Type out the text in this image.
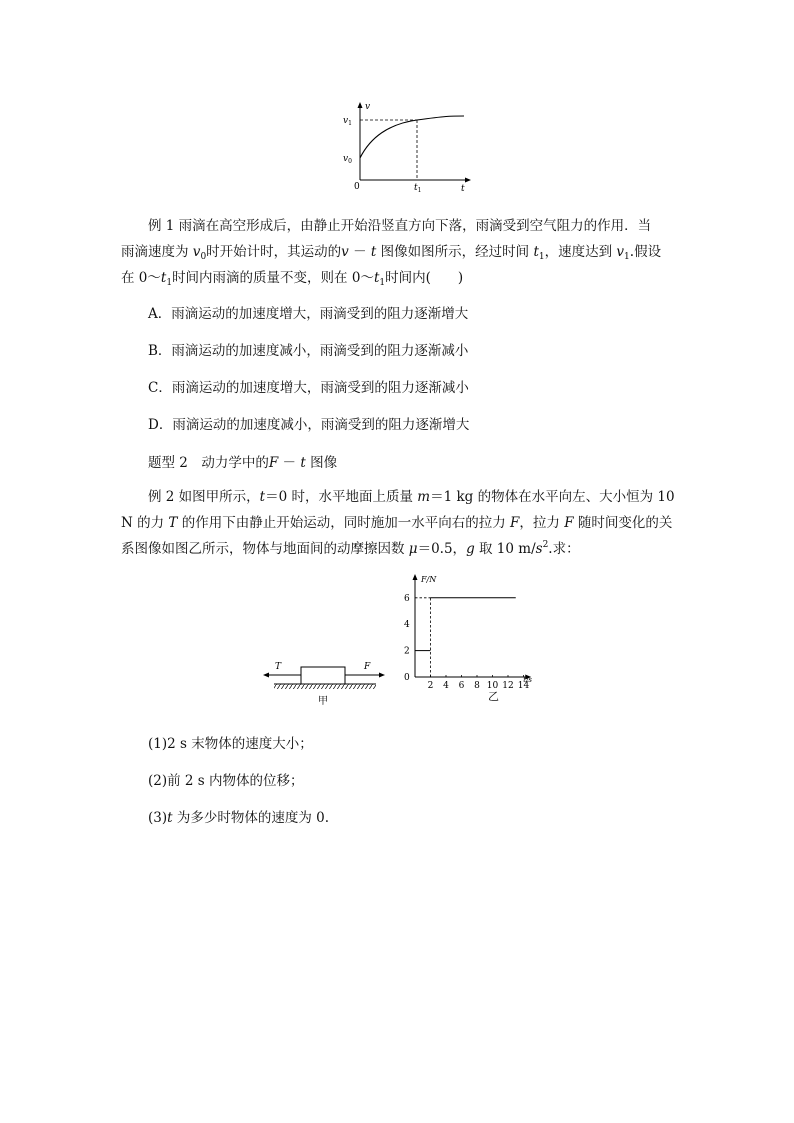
v
$v_1$
$v_0$
0	$t_1$	t
例 1 雨滴在高空形成后，由静止开始沿竖直方向下落，雨滴受到空气阻力的作用．当
雨滴速度为 $v_0$时开始计时，其运动的v － t 图像如图所示，经过时间 $t_1$，速度达到 $v_1$.假设
在 $0\sim t_1$时间内雨滴的质量不变，则在 $0\sim t_1$时间内(　　)
A．雨滴运动的加速度增大，雨滴受到的阻力逐渐增大
B．雨滴运动的加速度减小，雨滴受到的阻力逐渐减小
C．雨滴运动的加速度增大，雨滴受到的阻力逐渐减小
D．雨滴运动的加速度减小，雨滴受到的阻力逐渐增大
题型 2　动力学中的F － t 图像
例 2 如图甲所示，t＝0 时，水平地面上质量 m＝1 kg 的物体在水平向左、大小恒为 10
N 的力 T 的作用下由静止开始运动，同时施加一水平向右的拉力 F，拉力 F 随时间变化的关
系图像如图乙所示，物体与地面间的动摩擦因数 μ＝0.5，g 取 10 $m/s^2$.求：
T	F
甲
F/N
t/s
0
2
4
6
2 4 6 8 10 12 14
乙
(1)2 s 末物体的速度大小；
(2)前 2 s 内物体的位移；
(3)t 为多少时物体的速度为 0.
